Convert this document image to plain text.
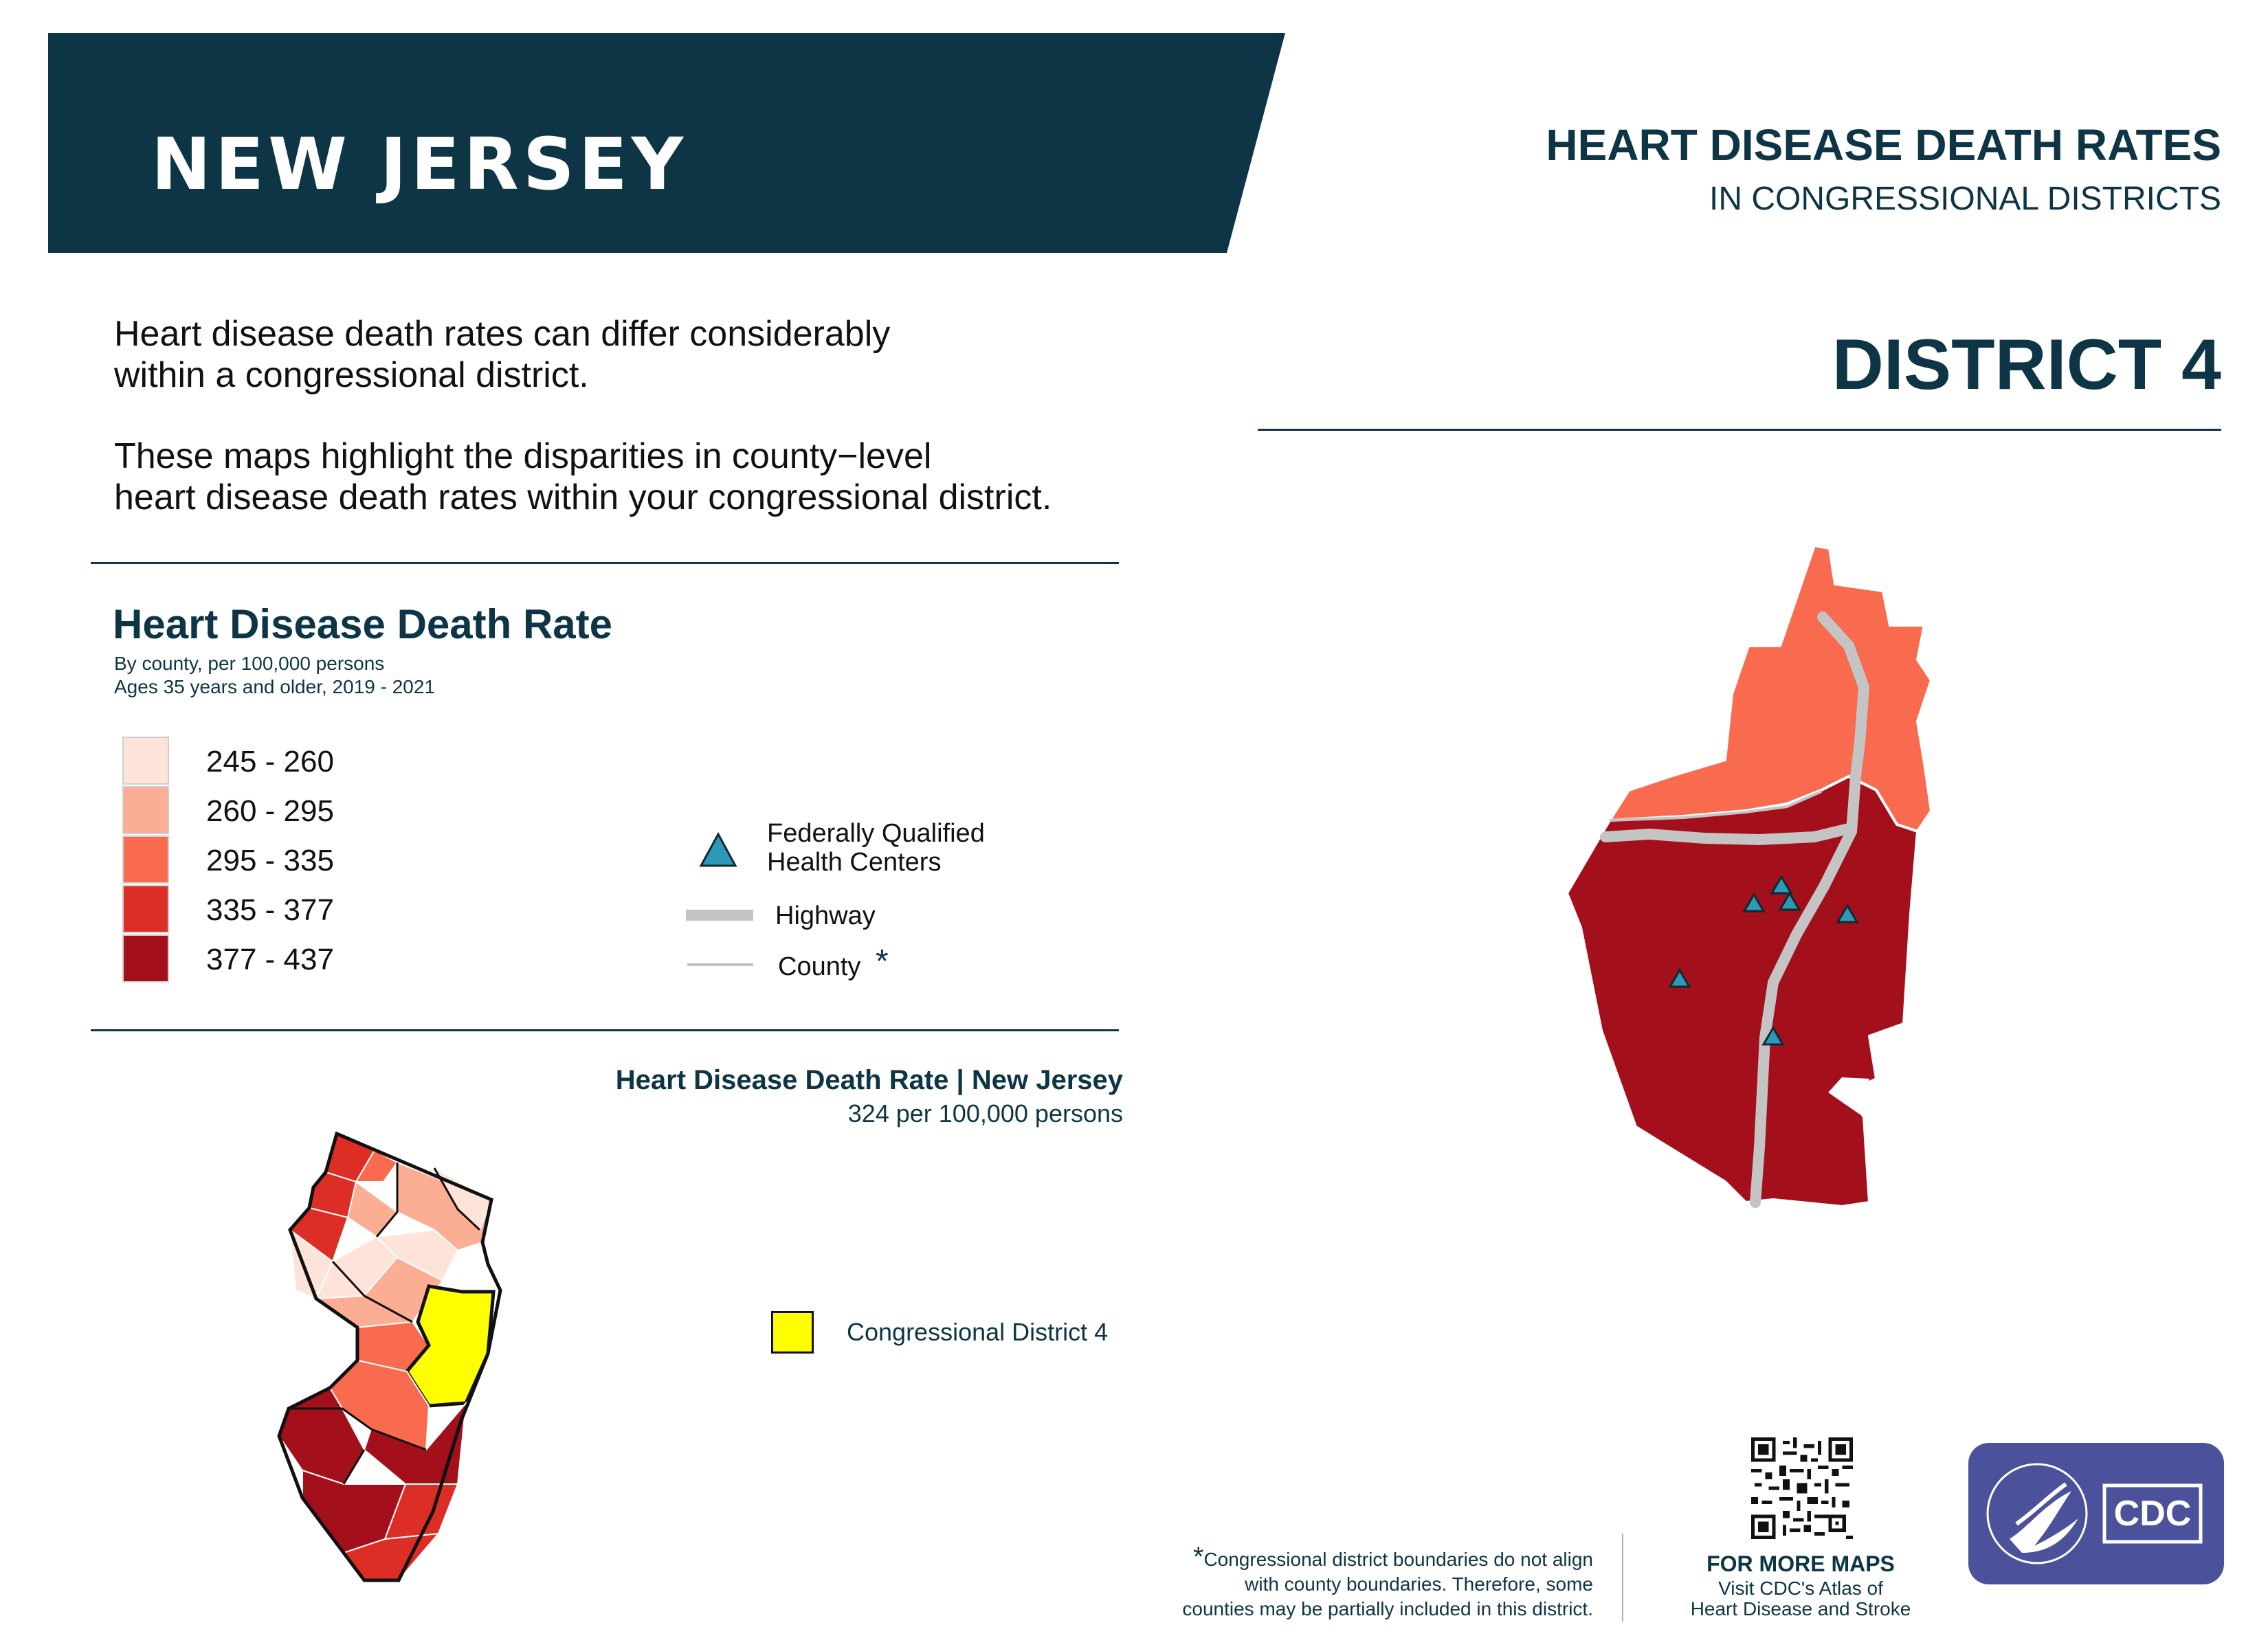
NEW JERSEY	HEART DISEASE DEATH RATES
IN CONGRESSIONAL DISTRICTS
DISTRICT 4
Heart disease death rates can differ considerably
within a congressional district.
These maps highlight the disparities in county−level
heart disease death rates within your congressional district.
Heart Disease Death Rate
By county, per 100,000 persons
Ages 35 years and older, 2019 - 2021
245 - 260
260 - 295
295 - 335
335 - 377
377 - 437
Federally Qualified
Health Centers
Highway
County *
Heart Disease Death Rate | New Jersey
324 per 100,000 persons
Congressional District 4
*Congressional district boundaries do not align
with county boundaries. Therefore, some
counties may be partially included in this district.
FOR MORE MAPS
Visit CDC's Atlas of
Heart Disease and Stroke
CDC
